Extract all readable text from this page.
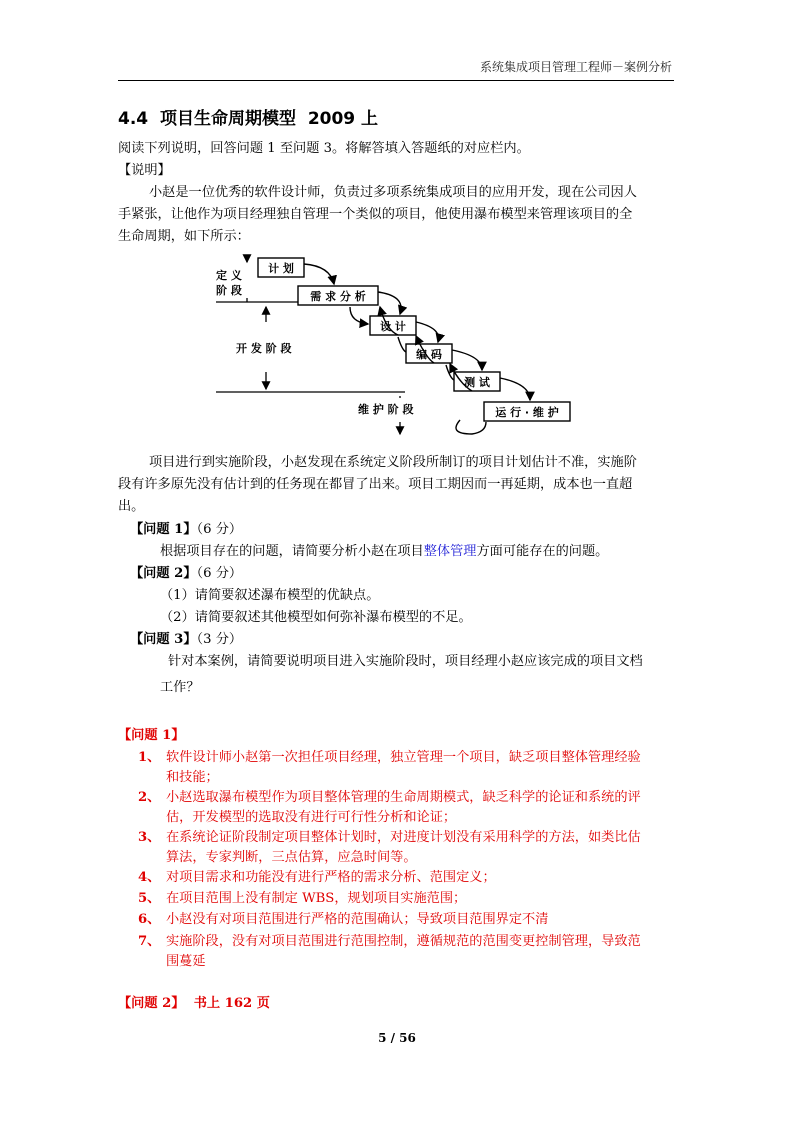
系统集成项目管理工程师－案例分析
4.4 项目生命周期模型 2009 上
阅读下列说明，回答问题 1 至问题 3。将解答填入答题纸的对应栏内。
【说明】
小赵是一位优秀的软件设计师，负责过多项系统集成项目的应用开发，现在公司因人
手紧张，让他作为项目经理独自管理一个类似的项目，他使用瀑布模型来管理该项目的全
生命周期，如下所示：
定 义
阶 段
开 发 阶 段
维 护 阶 段
计 划
需 求 分 析
设 计
编 码
测 试
运 行 · 维 护
项目进行到实施阶段，小赵发现在系统定义阶段所制订的项目计划估计不准，实施阶
段有许多原先没有估计到的任务现在都冒了出来。项目工期因而一再延期，成本也一直超
出。
【问题 1】（6 分）
根据项目存在的问题，请简要分析小赵在项目整体管理方面可能存在的问题。
【问题 2】（6 分）
（1）请简要叙述瀑布模型的优缺点。
（2）请简要叙述其他模型如何弥补瀑布模型的不足。
【问题 3】（3 分）
针对本案例，请简要说明项目进入实施阶段时，项目经理小赵应该完成的项目文档
工作？
【问题 1】
1、 软件设计师小赵第一次担任项目经理，独立管理一个项目，缺乏项目整体管理经验
和技能；
2、 小赵选取瀑布模型作为项目整体管理的生命周期模式，缺乏科学的论证和系统的评
估，开发模型的选取没有进行可行性分析和论证；
3、 在系统论证阶段制定项目整体计划时，对进度计划没有采用科学的方法，如类比估
算法，专家判断，三点估算，应急时间等。
4、 对项目需求和功能没有进行严格的需求分析、范围定义；
5、 在项目范围上没有制定 WBS，规划项目实施范围；
6、 小赵没有对项目范围进行严格的范围确认；导致项目范围界定不清
7、 实施阶段，没有对项目范围进行范围控制，遵循规范的范围变更控制管理，导致范
围蔓延
【问题 2】 书上 162 页
5 / 56
